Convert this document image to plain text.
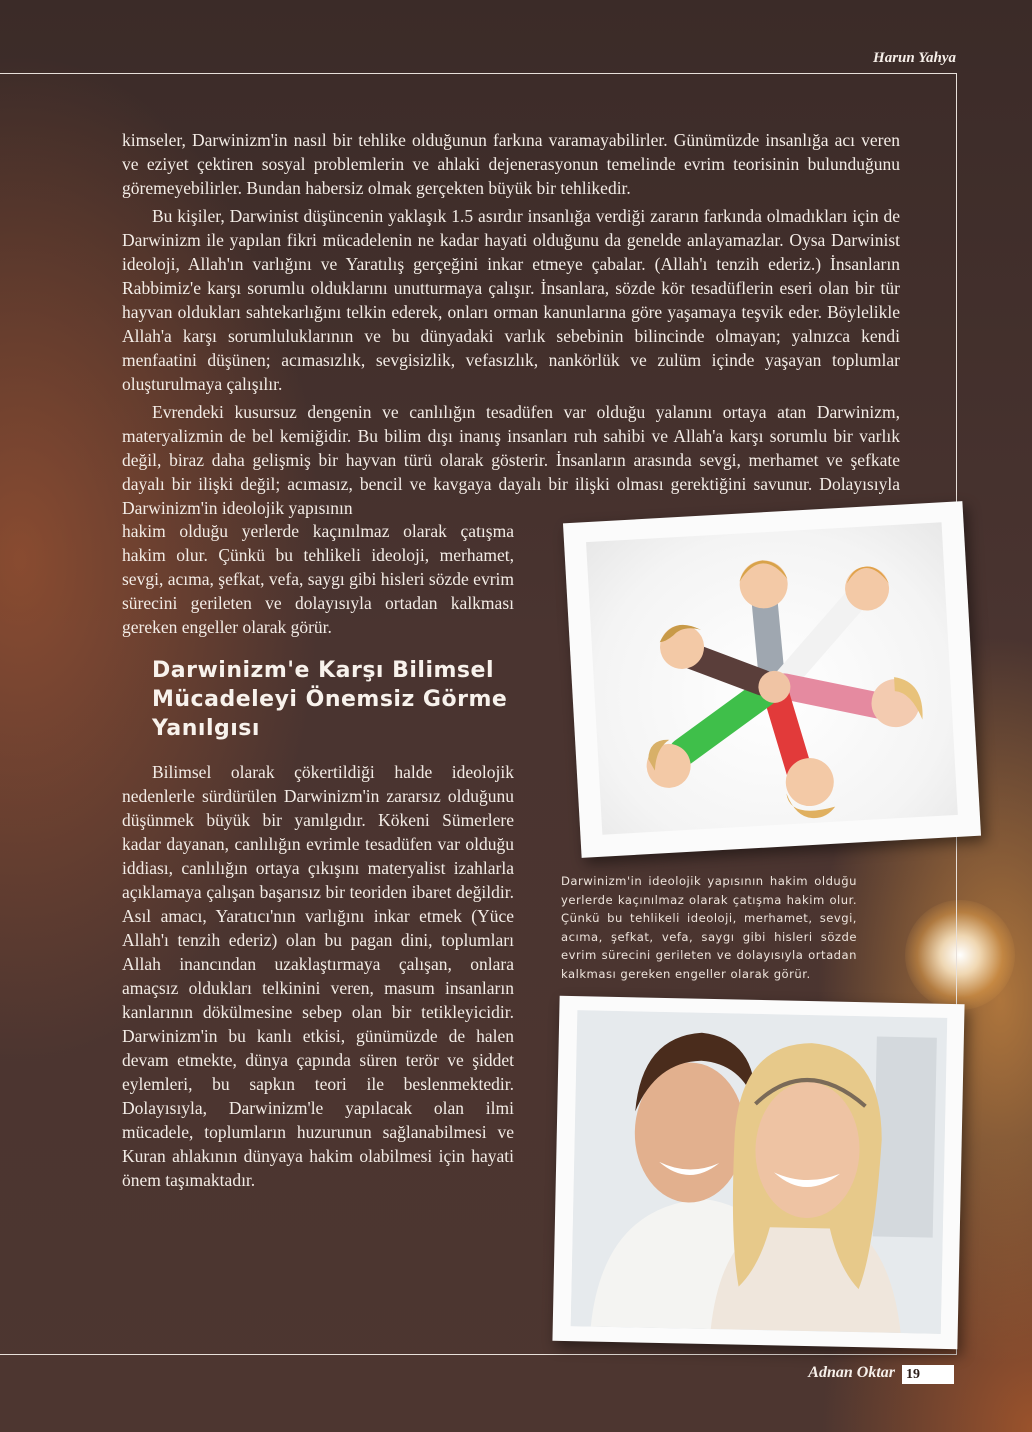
Harun Yahya

kimseler, Darwinizm'in nasıl bir tehlike olduğunun farkına varamayabilirler. Günümüzde insanlığa acı veren ve eziyet çektiren sosyal problemlerin ve ahlaki dejenerasyonun temelinde evrim teorisinin bulunduğunu göremeyebilirler. Bundan habersiz olmak gerçekten büyük bir tehlikedir.

Bu kişiler, Darwinist düşüncenin yaklaşık 1.5 asırdır insanlığa verdiği zararın farkında olmadıkları için de Darwinizm ile yapılan fikri mücadelenin ne kadar hayati olduğunu da genelde anlayamazlar. Oysa Darwinist ideoloji, Allah'ın varlığını ve Yaratılış gerçeğini inkar etmeye çabalar. (Allah'ı tenzih ederiz.) İnsanların Rabbimiz'e karşı sorumlu olduklarını unutturmaya çalışır. İnsanlara, sözde kör tesadüflerin eseri olan bir tür hayvan oldukları sahtekarlığını telkin ederek, onları orman kanunlarına göre yaşamaya teşvik eder. Böylelikle Allah'a karşı sorumluluklarının ve bu dünyadaki varlık sebebinin bilincinde olmayan; yalnızca kendi menfaatini düşünen; acımasızlık, sevgisizlik, vefasızlık, nankörlük ve zulüm içinde yaşayan toplumlar oluşturulmaya çalışılır.

Evrendeki kusursuz dengenin ve canlılığın tesadüfen var olduğu yalanını ortaya atan Darwinizm, materyalizmin de bel kemiğidir. Bu bilim dışı inanış insanları ruh sahibi ve Allah'a karşı sorumlu bir varlık değil, biraz daha gelişmiş bir hayvan türü olarak gösterir. İnsanların arasında sevgi, merhamet ve şefkate dayalı bir ilişki değil; acımasız, bencil ve kavgaya dayalı bir ilişki olması gerektiğini savunur. Dolayısıyla Darwinizm'in ideolojik yapısının

hakim olduğu yerlerde kaçınılmaz olarak çatışma hakim olur. Çünkü bu tehlikeli ideoloji, merhamet, sevgi, acıma, şefkat, vefa, saygı gibi hisleri sözde evrim sürecini gerileten ve dolayısıyla ortadan kalkması gereken engeller olarak görür.

Darwinizm'e Karşı Bilimsel Mücadeleyi Önemsiz Görme Yanılgısı

Bilimsel olarak çökertildiği halde ideolojik nedenlerle sürdürülen Darwinizm'in zararsız olduğunu düşünmek büyük bir yanılgıdır. Kökeni Sümerlere kadar dayanan, canlılığın evrimle tesadüfen var olduğu iddiası, canlılığın ortaya çıkışını materyalist izahlarla açıklamaya çalışan başarısız bir teoriden ibaret değildir. Asıl amacı, Yaratıcı'nın varlığını inkar etmek (Yüce Allah'ı tenzih ederiz) olan bu pagan dini, toplumları Allah inancından uzaklaştırmaya çalışan, onlara amaçsız oldukları telkinini veren, masum insanların kanlarının dökülmesine sebep olan bir tetikleyicidir. Darwinizm'in bu kanlı etkisi, günümüzde de halen devam etmekte, dünya çapında süren terör ve şiddet eylemleri, bu sapkın teori ile beslenmektedir. Dolayısıyla, Darwinizm'le yapılacak olan ilmi mücadele, toplumların huzurunun sağlanabilmesi ve Kuran ahlakının dünyaya hakim olabilmesi için hayati önem taşımaktadır.

Darwinizm'in ideolojik yapısının hakim olduğu yerlerde kaçınılmaz olarak çatışma hakim olur. Çünkü bu tehlikeli ideoloji, merhamet, sevgi, acıma, şefkat, vefa, saygı gibi hisleri sözde evrim sürecini gerileten ve dolayısıyla ortadan kalkması gereken engeller olarak görür.

Adnan Oktar 19
